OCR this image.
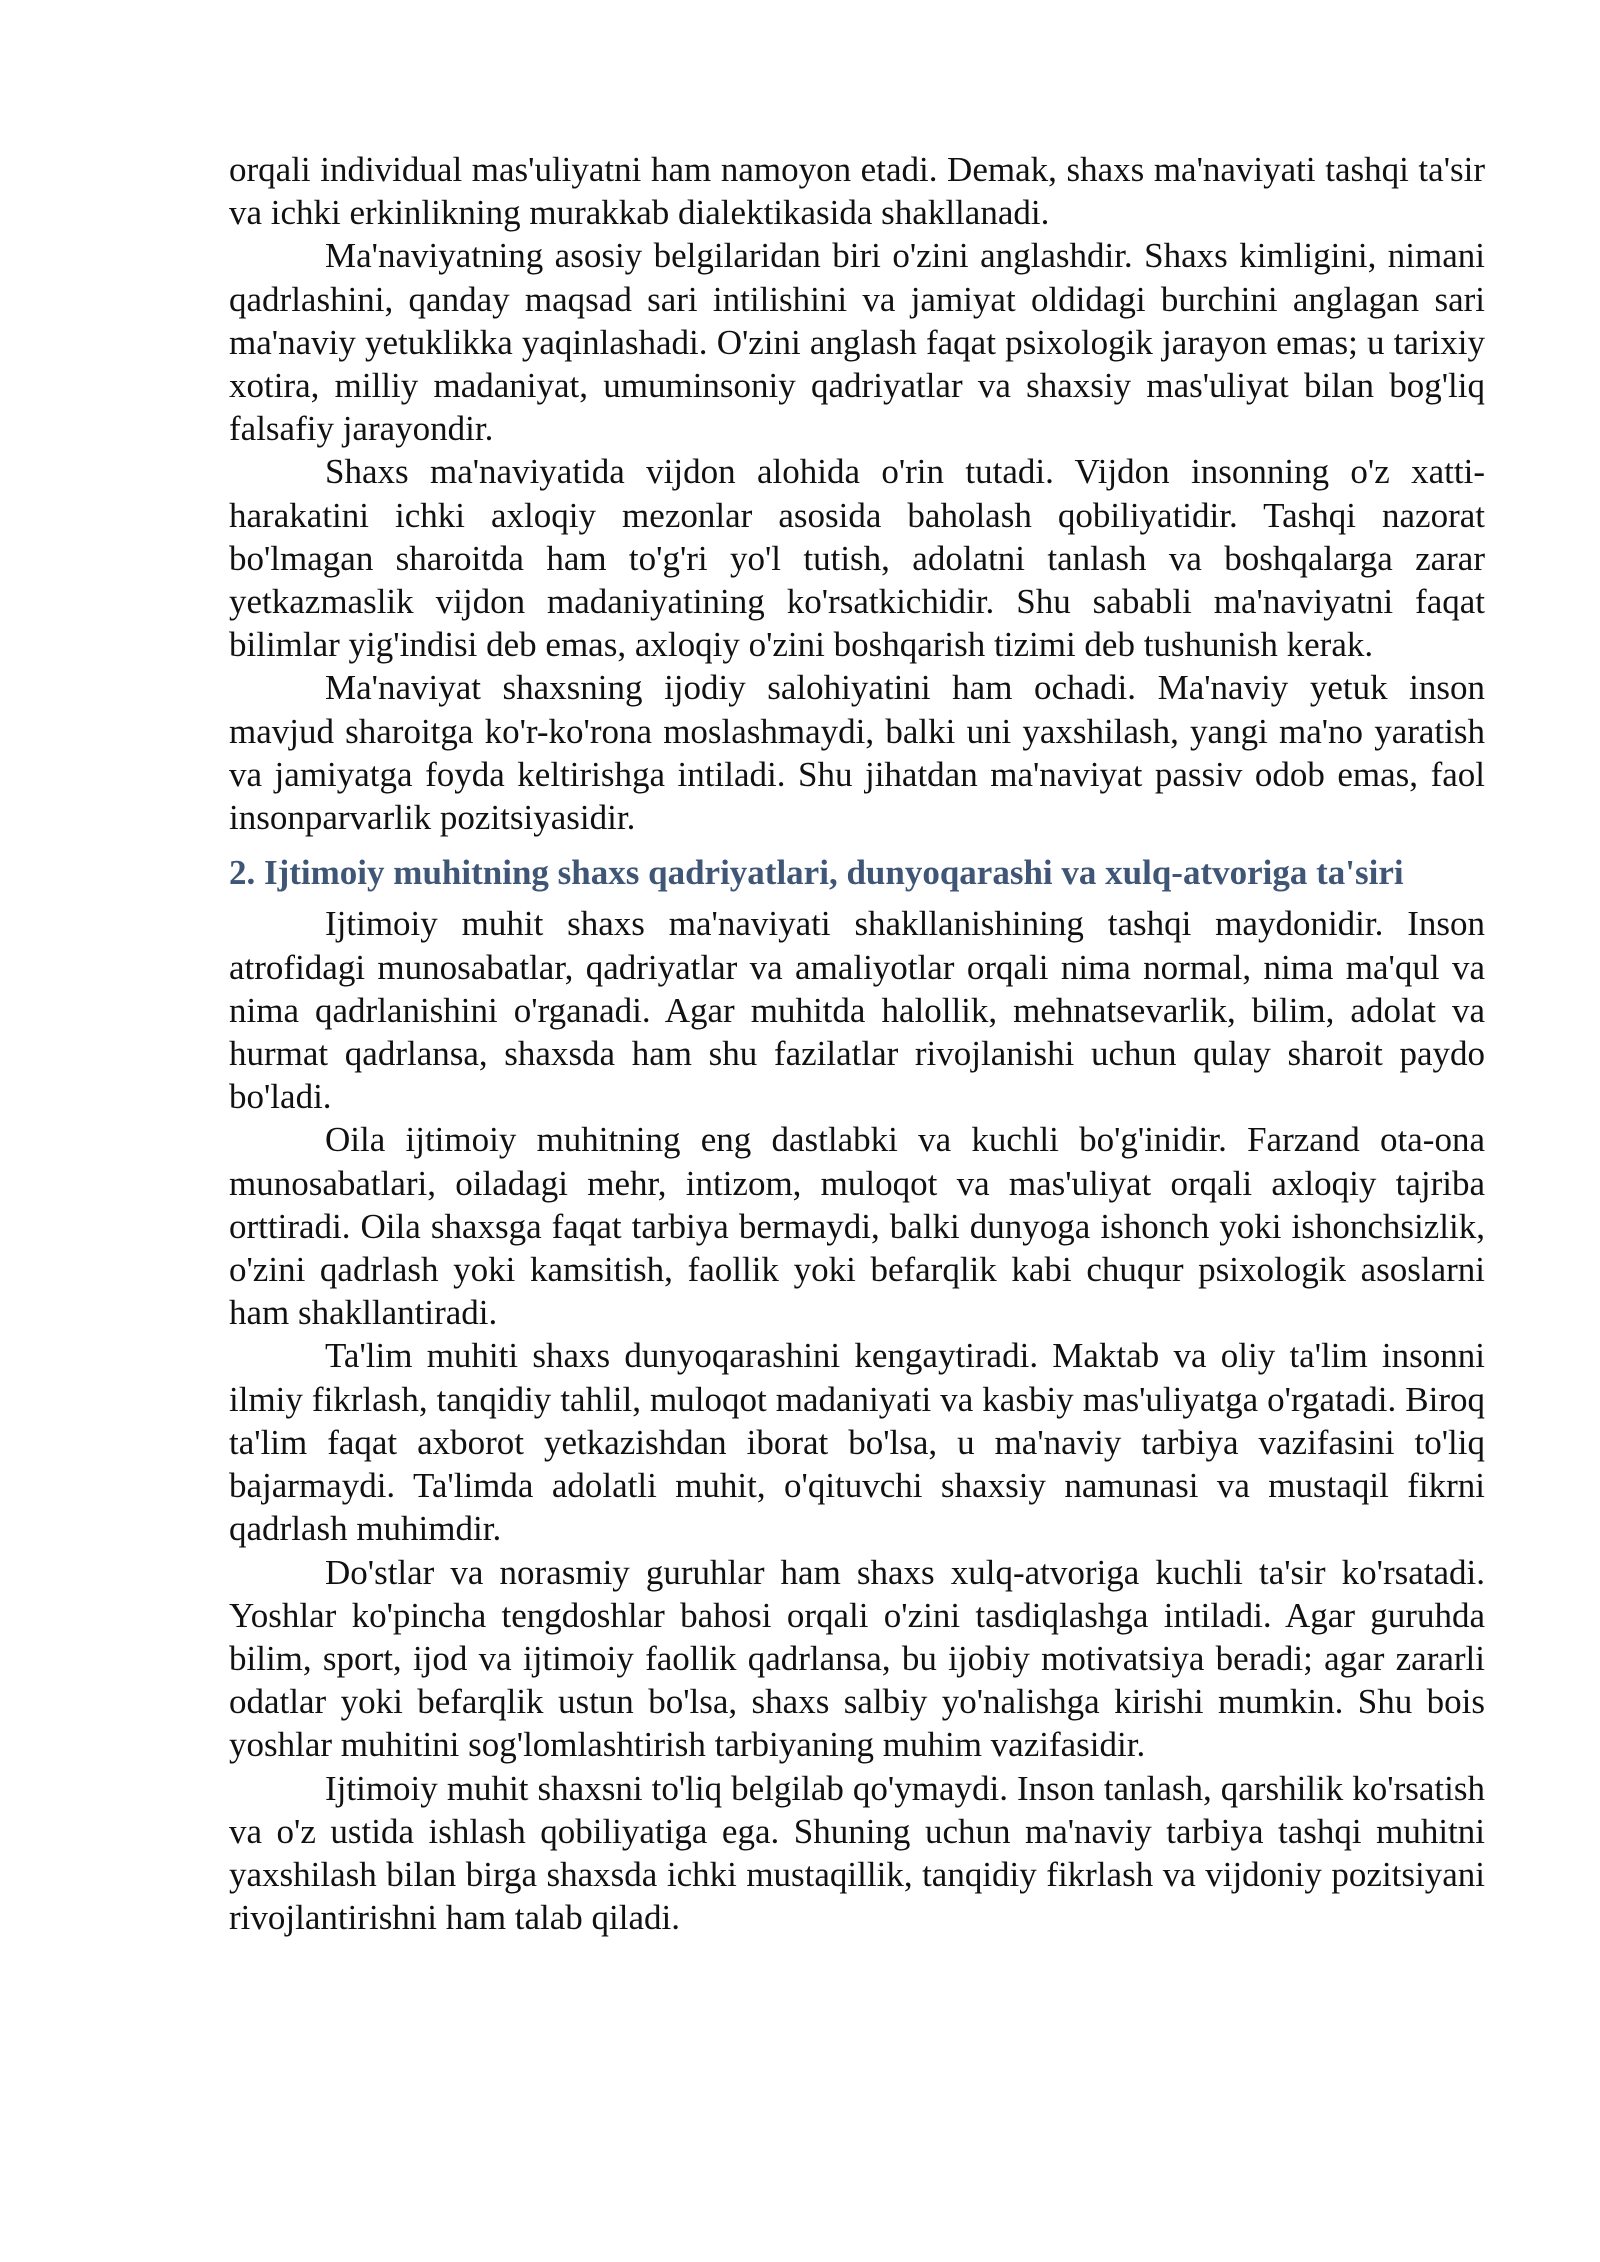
orqali individual mas'uliyatni ham namoyon etadi. Demak, shaxs ma'naviyati tashqi ta'sir va ichki erkinlikning murakkab dialektikasida shakllanadi.

Ma'naviyatning asosiy belgilaridan biri o'zini anglashdir. Shaxs kimligini, nimani qadrlashini, qanday maqsad sari intilishini va jamiyat oldidagi burchini anglagan sari ma'naviy yetuklikka yaqinlashadi. O'zini anglash faqat psixologik jarayon emas; u tarixiy xotira, milliy madaniyat, umuminsoniy qadriyatlar va shaxsiy mas'uliyat bilan bog'liq falsafiy jarayondir.

Shaxs ma'naviyatida vijdon alohida o'rin tutadi. Vijdon insonning o'z xatti-harakatini ichki axloqiy mezonlar asosida baholash qobiliyatidir. Tashqi nazorat bo'lmagan sharoitda ham to'g'ri yo'l tutish, adolatni tanlash va boshqalarga zarar yetkazmaslik vijdon madaniyatining ko'rsatkichidir. Shu sababli ma'naviyatni faqat bilimlar yig'indisi deb emas, axloqiy o'zini boshqarish tizimi deb tushunish kerak.

Ma'naviyat shaxsning ijodiy salohiyatini ham ochadi. Ma'naviy yetuk inson mavjud sharoitga ko'r-ko'rona moslashmaydi, balki uni yaxshilash, yangi ma'no yaratish va jamiyatga foyda keltirishga intiladi. Shu jihatdan ma'naviyat passiv odob emas, faol insonparvarlik pozitsiyasidir.

2. Ijtimoiy muhitning shaxs qadriyatlari, dunyoqarashi va xulq-atvoriga ta'siri

Ijtimoiy muhit shaxs ma'naviyati shakllanishining tashqi maydonidir. Inson atrofidagi munosabatlar, qadriyatlar va amaliyotlar orqali nima normal, nima ma'qul va nima qadrlanishini o'rganadi. Agar muhitda halollik, mehnatsevarlik, bilim, adolat va hurmat qadrlansa, shaxsda ham shu fazilatlar rivojlanishi uchun qulay sharoit paydo bo'ladi.

Oila ijtimoiy muhitning eng dastlabki va kuchli bo'g'inidir. Farzand ota-ona munosabatlari, oiladagi mehr, intizom, muloqot va mas'uliyat orqali axloqiy tajriba orttiradi. Oila shaxsga faqat tarbiya bermaydi, balki dunyoga ishonch yoki ishonchsizlik, o'zini qadrlash yoki kamsitish, faollik yoki befarqlik kabi chuqur psixologik asoslarni ham shakllantiradi.

Ta'lim muhiti shaxs dunyoqarashini kengaytiradi. Maktab va oliy ta'lim insonni ilmiy fikrlash, tanqidiy tahlil, muloqot madaniyati va kasbiy mas'uliyatga o'rgatadi. Biroq ta'lim faqat axborot yetkazishdan iborat bo'lsa, u ma'naviy tarbiya vazifasini to'liq bajarmaydi. Ta'limda adolatli muhit, o'qituvchi shaxsiy namunasi va mustaqil fikrni qadrlash muhimdir.

Do'stlar va norasmiy guruhlar ham shaxs xulq-atvoriga kuchli ta'sir ko'rsatadi. Yoshlar ko'pincha tengdoshlar bahosi orqali o'zini tasdiqlashga intiladi. Agar guruhda bilim, sport, ijod va ijtimoiy faollik qadrlansa, bu ijobiy motivatsiya beradi; agar zararli odatlar yoki befarqlik ustun bo'lsa, shaxs salbiy yo'nalishga kirishi mumkin. Shu bois yoshlar muhitini sog'lomlashtirish tarbiyaning muhim vazifasidir.

Ijtimoiy muhit shaxsni to'liq belgilab qo'ymaydi. Inson tanlash, qarshilik ko'rsatish va o'z ustida ishlash qobiliyatiga ega. Shuning uchun ma'naviy tarbiya tashqi muhitni yaxshilash bilan birga shaxsda ichki mustaqillik, tanqidiy fikrlash va vijdoniy pozitsiyani rivojlantirishni ham talab qiladi.
